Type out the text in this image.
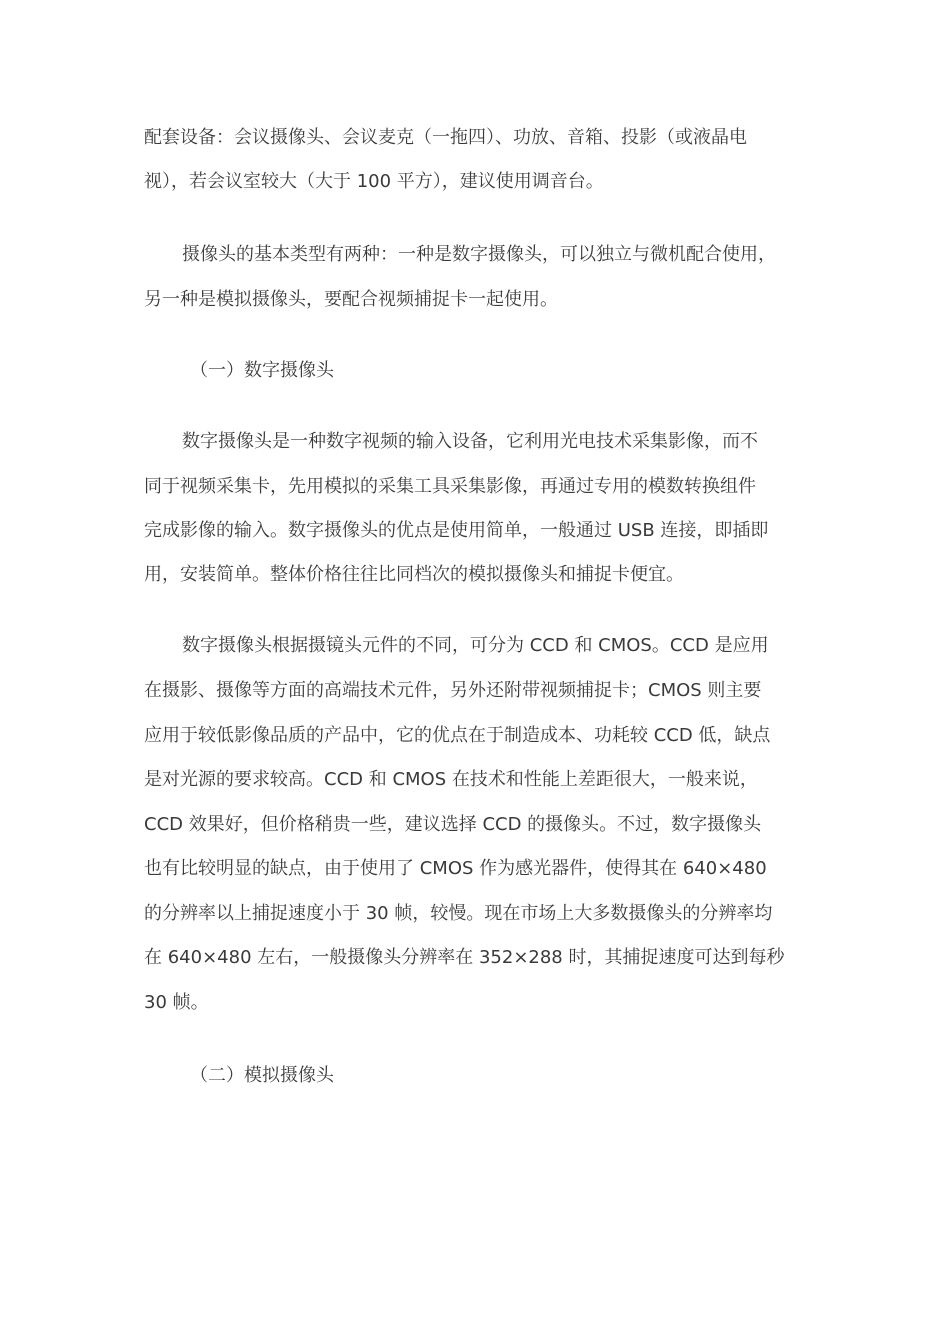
配套设备：会议摄像头、会议麦克（一拖四）、功放、音箱、投影（或液晶电

视），若会议室较大（大于 100 平方），建议使用调音台。

摄像头的基本类型有两种：一种是数字摄像头，可以独立与微机配合使用，

另一种是模拟摄像头，要配合视频捕捉卡一起使用。

（一）数字摄像头

数字摄像头是一种数字视频的输入设备，它利用光电技术采集影像，而不

同于视频采集卡，先用模拟的采集工具采集影像，再通过专用的模数转换组件

完成影像的输入。数字摄像头的优点是使用简单，一般通过 USB 连接，即插即

用，安装简单。整体价格往往比同档次的模拟摄像头和捕捉卡便宜。

数字摄像头根据摄镜头元件的不同，可分为 CCD 和 CMOS。CCD 是应用

在摄影、摄像等方面的高端技术元件，另外还附带视频捕捉卡；CMOS 则主要

应用于较低影像品质的产品中，它的优点在于制造成本、功耗较 CCD 低，缺点

是对光源的要求较高。CCD 和 CMOS 在技术和性能上差距很大，一般来说，

CCD 效果好，但价格稍贵一些，建议选择 CCD 的摄像头。不过，数字摄像头

也有比较明显的缺点，由于使用了 CMOS 作为感光器件，使得其在 640×480

的分辨率以上捕捉速度小于 30 帧，较慢。现在市场上大多数摄像头的分辨率均

在 640×480 左右，一般摄像头分辨率在 352×288 时，其捕捉速度可达到每秒

30 帧。

（二）模拟摄像头
